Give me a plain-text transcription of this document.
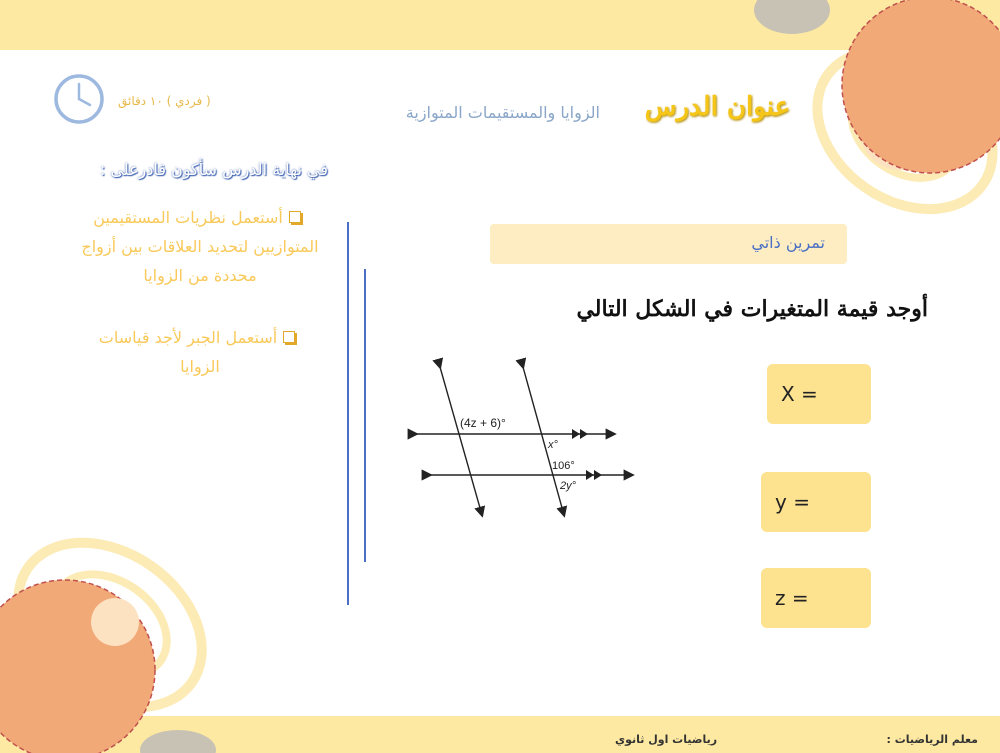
( فردي ) ١٠ دقائق	عنوان الدرس
الزوايا والمستقيمات المتوازية
في نهاية الدرس سأكون قادرعلى :
أستعمل نظريات المستقيمين المتوازيين لتحديد العلاقات بين أزواج محددة من الزوايا
أستعمل الجبر لأجد قياسات الزوايا
تمرين ذاتي
أوجد قيمة المتغيرات في الشكل التالي
(4z + 6)°
x°
106°
2y°
X =
y =
z =
معلم الرياضيات :
رياضيات اول ثانوي
